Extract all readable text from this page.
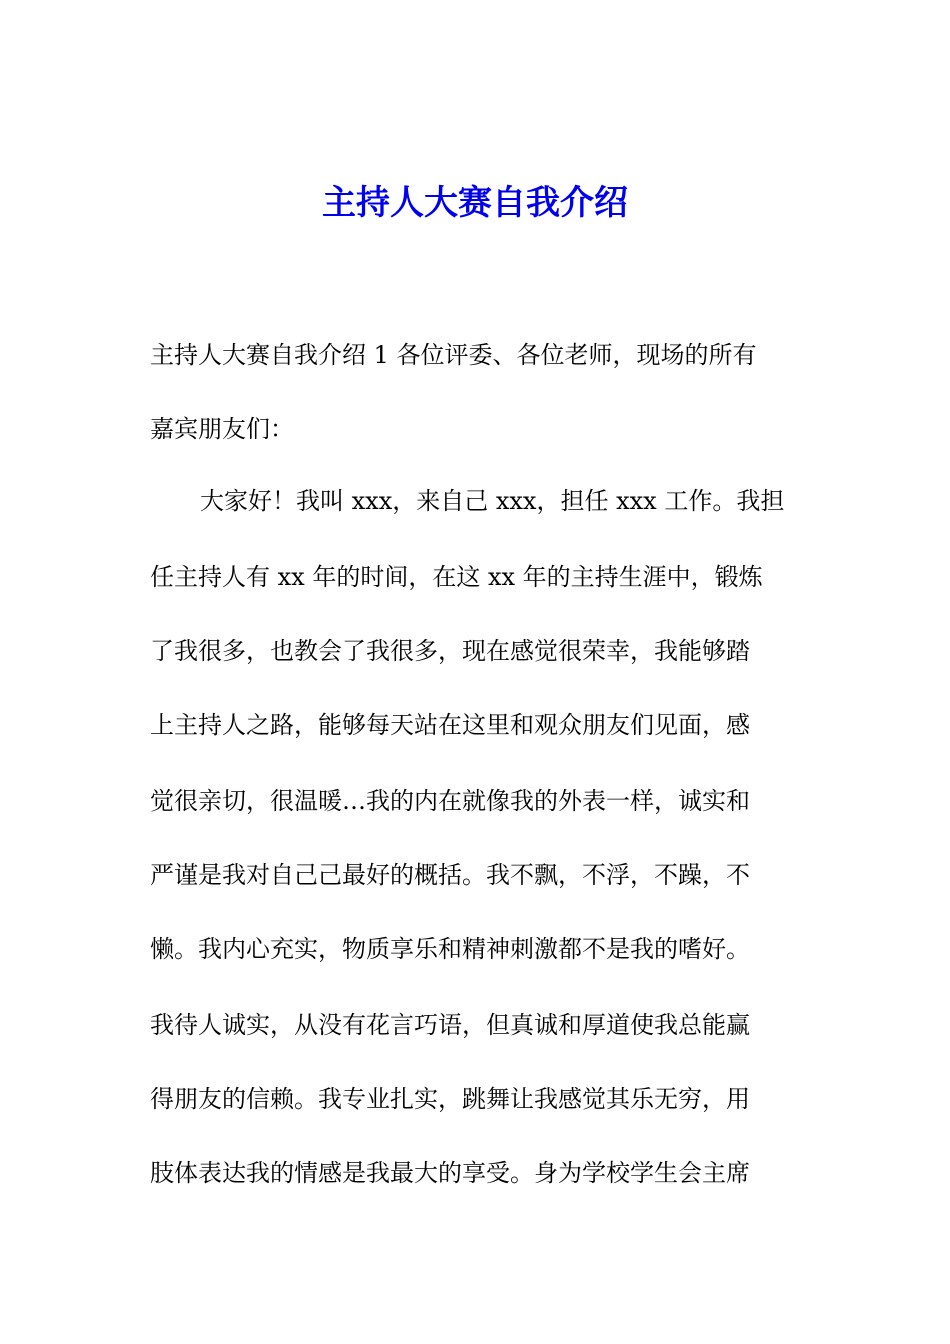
主持人大赛自我介绍

主持人大赛自我介绍 1 各位评委、各位老师，现场的所有

嘉宾朋友们：

大家好！我叫 xxx，来自己 xxx，担任 xxx 工作。我担

任主持人有 xx 年的时间，在这 xx 年的主持生涯中，锻炼

了我很多，也教会了我很多，现在感觉很荣幸，我能够踏

上主持人之路，能够每天站在这里和观众朋友们见面，感

觉很亲切，很温暖…我的内在就像我的外表一样，诚实和

严谨是我对自己己最好的概括。我不飘，不浮，不躁，不

懒。我内心充实，物质享乐和精神刺激都不是我的嗜好。

我待人诚实，从没有花言巧语，但真诚和厚道使我总能赢

得朋友的信赖。我专业扎实，跳舞让我感觉其乐无穷，用

肢体表达我的情感是我最大的享受。身为学校学生会主席
